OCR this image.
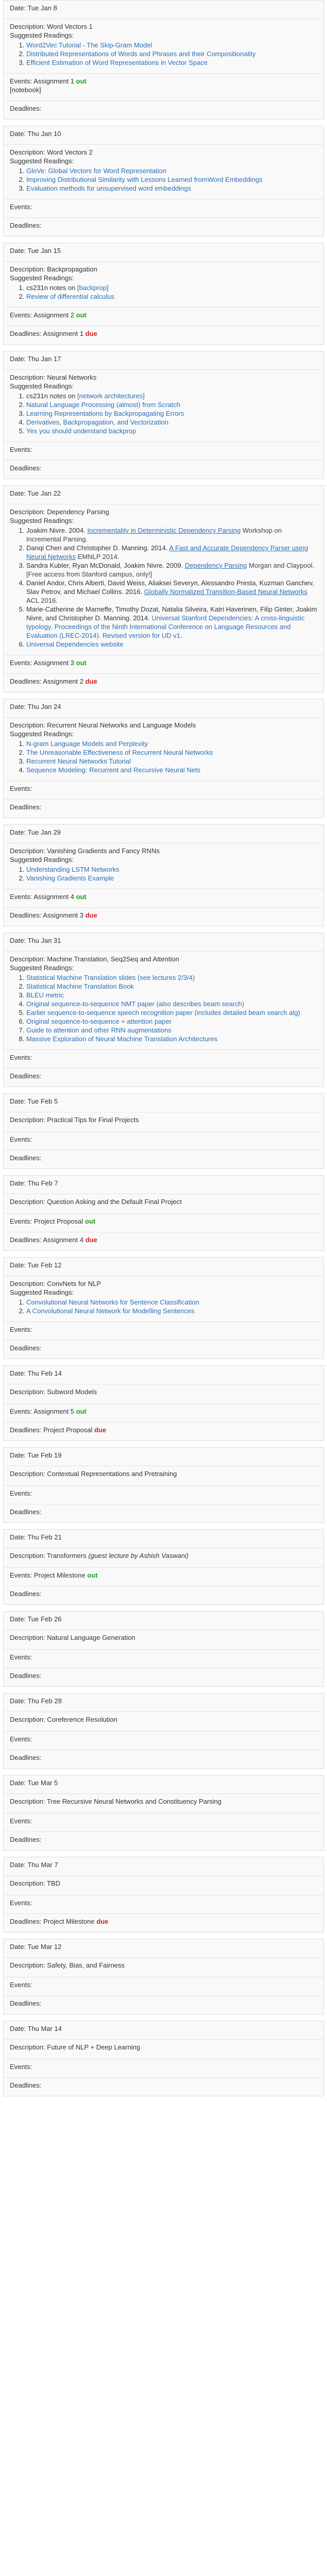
Date: Tue Jan 8
Description: Word Vectors 1
Suggested Readings:
1. Word2Vec Tutorial - The Skip-Gram Model
2. Distributed Representations of Words and Phrases and their Compositionality
3. Efficient Estimation of Word Representations in Vector Space
Events: Assignment 1 out
[notebook]
Deadlines:
Date: Thu Jan 10
Description: Word Vectors 2
Suggested Readings:
1. GloVe: Global Vectors for Word Representation
2. Improving Distributional Similarity with Lessons Learned fromWord Embeddings
3. Evaluation methods for unsupervised word embeddings
Events:
Deadlines:
Date: Tue Jan 15
Description: Backpropagation
Suggested Readings:
1. cs231n notes on [backprop]
2. Review of differential calculus
Events: Assignment 2 out
Deadlines: Assignment 1 due
Date: Thu Jan 17
Description: Neural Networks
Suggested Readings:
1. cs231n notes on [network architectures]
2. Natural Language Processing (almost) from Scratch
3. Learning Representations by Backpropagating Errors
4. Derivatives, Backpropagation, and Vectorization
5. Yes you should understand backprop
Events:
Deadlines:
Date: Tue Jan 22
Description: Dependency Parsing
Suggested Readings:
1. Joakim Nivre. 2004. Incrementality in Deterministic Dependency Parsing Workshop on Incremental Parsing.
2. Danqi Chen and Christopher D. Manning. 2014. A Fast and Accurate Dependency Parser using Neural Networks EMNLP 2014.
3. Sandra Kubler, Ryan McDonald, Joakim Nivre. 2009. Dependency Parsing Morgan and Claypool. [Free access from Stanford campus, only!]
4. Daniel Andor, Chris Alberti, David Weiss, Aliaksei Severyn, Alessandro Presta, Kuzman Ganchev, Slav Petrov, and Michael Collins. 2016. Globally Normalized Transition-Based Neural Networks ACL 2016.
5. Marie-Catherine de Marneffe, Timothy Dozat, Natalia Silveira, Katri Haverinen, Filip Ginter, Joakim Nivre, and Christopher D. Manning. 2014. Universal Stanford Dependencies: A cross-linguistic typology. Proceedings of the Ninth International Conference on Language Resources and Evaluation (LREC-2014). Revised version for UD v1.
6. Universal Dependencies website
Events: Assignment 3 out
Deadlines: Assignment 2 due
Date: Thu Jan 24
Description: Recurrent Neural Networks and Language Models
Suggested Readings:
1. N-gram Language Models and Perplexity
2. The Unreasonable Effectiveness of Recurrent Neural Networks
3. Recurrent Neural Networks Tutorial
4. Sequence Modeling: Recurrent and Recursive Neural Nets
Events:
Deadlines:
Date: Tue Jan 29
Description: Vanishing Gradients and Fancy RNNs
Suggested Readings:
1. Understanding LSTM Networks
2. Vanishing Gradients Example
Events: Assignment 4 out
Deadlines: Assignment 3 due
Date: Thu Jan 31
Description: Machine Translation, Seq2Seq and Attention
Suggested Readings:
1. Statistical Machine Translation slides (see lectures 2/3/4)
2. Statistical Machine Translation Book
3. BLEU metric
4. Original sequence-to-sequence NMT paper (also describes beam search)
5. Earlier sequence-to-sequence speech recognition paper (includes detailed beam search alg)
6. Original sequence-to-sequence + attention paper
7. Guide to attention and other RNN augmentations
8. Massive Exploration of Neural Machine Translation Architectures
Events:
Deadlines:
Date: Tue Feb 5
Description: Practical Tips for Final Projects
Events:
Deadlines:
Date: Thu Feb 7
Description: Question Asking and the Default Final Project
Events: Project Proposal out
Deadlines: Assignment 4 due
Date: Tue Feb 12
Description: ConvNets for NLP
Suggested Readings:
1. Convolutional Neural Networks for Sentence Classification
2. A Convolutional Neural Network for Modelling Sentences
Events:
Deadlines:
Date: Thu Feb 14
Description: Subword Models
Events: Assignment 5 out
Deadlines: Project Proposal due
Date: Tue Feb 19
Description: Contextual Representations and Pretraining
Events:
Deadlines:
Date: Thu Feb 21
Description: Transformers (guest lecture by Ashish Vaswani)
Events: Project Milestone out
Deadlines:
Date: Tue Feb 26
Description: Natural Language Generation
Events:
Deadlines:
Date: Thu Feb 28
Description: Coreference Resolution
Events:
Deadlines:
Date: Tue Mar 5
Description: Tree Recursive Neural Networks and Constituency Parsing
Events:
Deadlines:
Date: Thu Mar 7
Description: TBD
Events:
Deadlines: Project Milestone due
Date: Tue Mar 12
Description: Safety, Bias, and Fairness
Events:
Deadlines:
Date: Thu Mar 14
Description: Future of NLP + Deep Learning
Events:
Deadlines:
